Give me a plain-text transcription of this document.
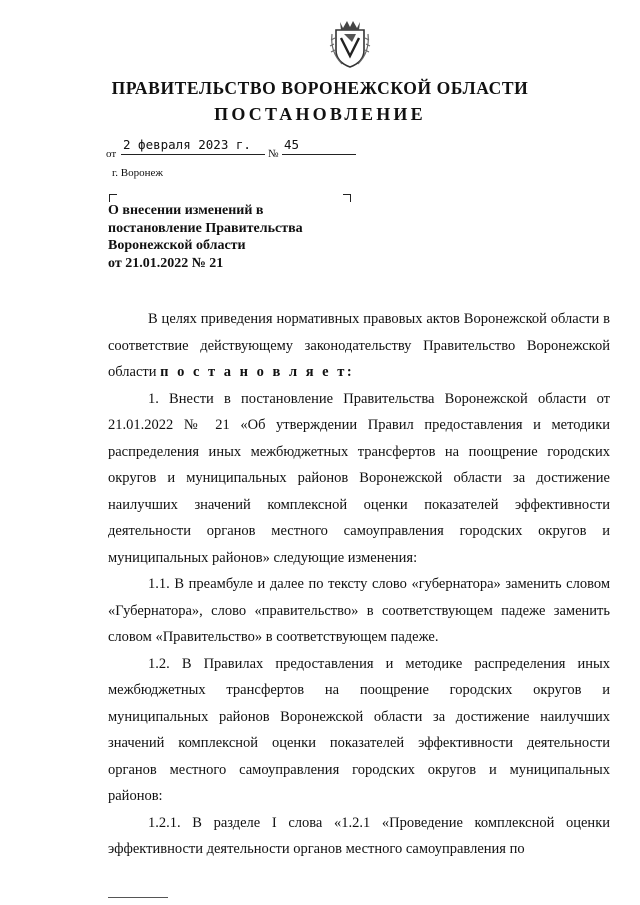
ПРАВИТЕЛЬСТВО ВОРОНЕЖСКОЙ ОБЛАСТИ
ПОСТАНОВЛЕНИЕ
от
2 февраля 2023 г.
№
45
г. Воронеж
О внесении изменений в
постановление Правительства
Воронежской области
от 21.01.2022 № 21

В целях приведения нормативных правовых актов Воронежской области в соответствие действующему законодательству Правительство Воронежской области п о с т а н о в л я е т:

1. Внести в постановление Правительства Воронежской области от 21.01.2022 № 21 «Об утверждении Правил предоставления и методики распределения иных межбюджетных трансфертов на поощрение городских округов и муниципальных районов Воронежской области за достижение наилучших значений комплексной оценки показателей эффективности деятельности органов местного самоуправления городских округов и муниципальных районов» следующие изменения:

1.1. В преамбуле и далее по тексту слово «губернатора» заменить словом «Губернатора», слово «правительство» в соответствующем падеже заменить словом «Правительство» в соответствующем падеже.

1.2. В Правилах предоставления и методике распределения иных межбюджетных трансфертов на поощрение городских округов и муниципальных районов Воронежской области за достижение наилучших значений комплексной оценки показателей эффективности деятельности органов местного самоуправления городских округов и муниципальных районов:

1.2.1. В разделе I слова «1.2.1 «Проведение комплексной оценки эффективности деятельности органов местного самоуправления по
